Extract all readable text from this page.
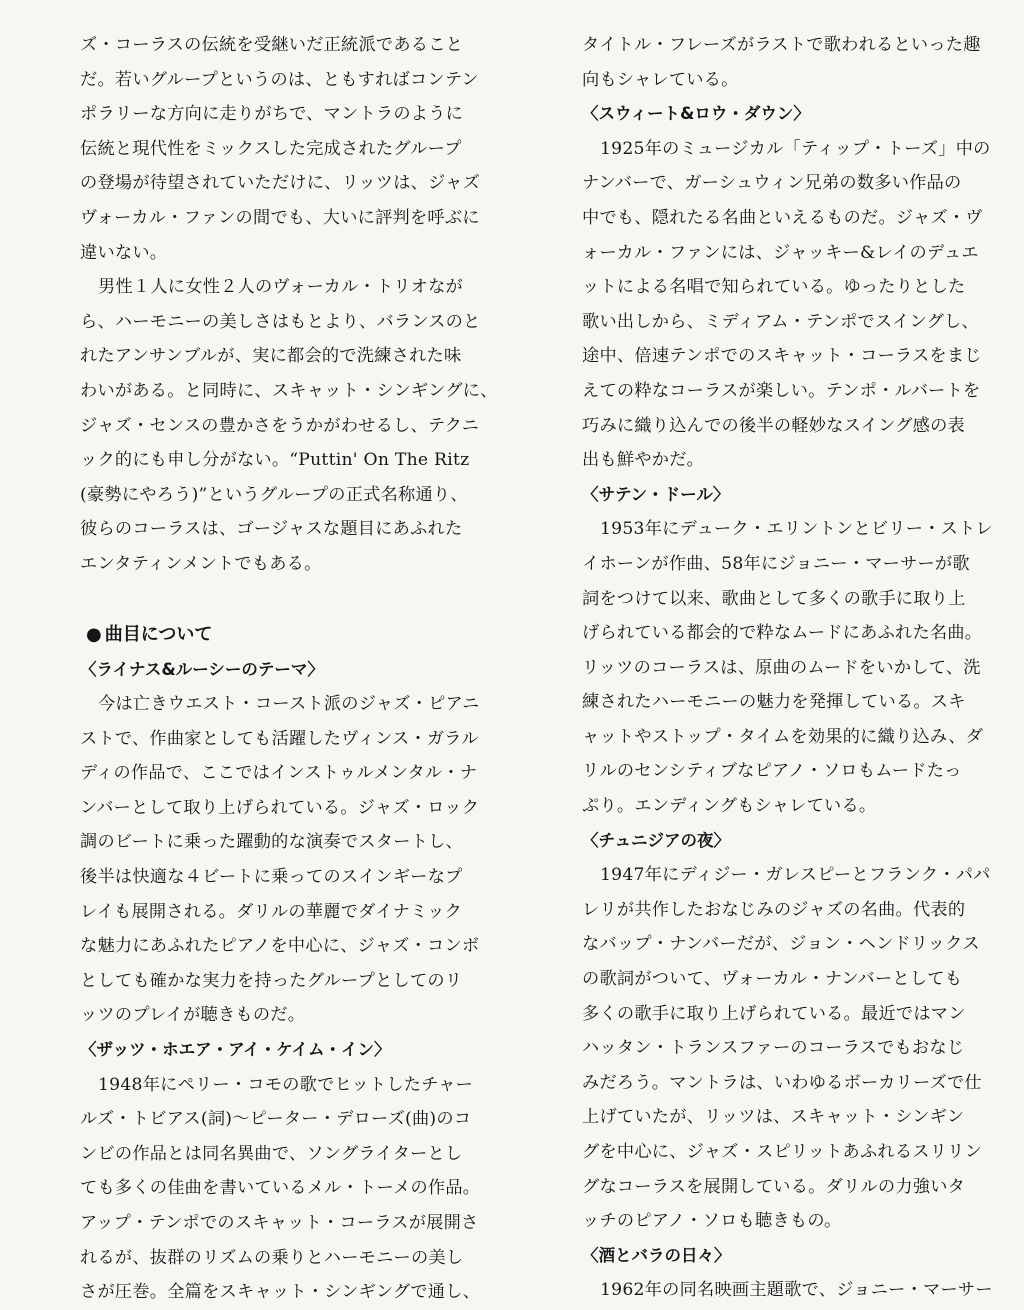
ズ・コーラスの伝統を受継いだ正統派であること
だ。若いグループというのは、ともすればコンテン
ポラリーな方向に走りがちで、マントラのように
伝統と現代性をミックスした完成されたグループ
の登場が待望されていただけに、リッツは、ジャズ
ヴォーカル・ファンの間でも、大いに評判を呼ぶに
違いない。
男性１人に女性２人のヴォーカル・トリオなが
ら、ハーモニーの美しさはもとより、バランスのと
れたアンサンブルが、実に都会的で洗練された味
わいがある。と同時に、スキャット・シンギングに、
ジャズ・センスの豊かさをうかがわせるし、テクニ
ック的にも申し分がない。“Puttin' On The Ritz
(豪勢にやろう)”というグループの正式名称通り、
彼らのコーラスは、ゴージャスな題目にあふれた
エンタティンメントでもある。
● 曲目について
〈ライナス&ルーシーのテーマ〉
今は亡きウエスト・コースト派のジャズ・ピアニ
ストで、作曲家としても活躍したヴィンス・ガラル
ディの作品で、ここではインストゥルメンタル・ナ
ンバーとして取り上げられている。ジャズ・ロック
調のビートに乗った躍動的な演奏でスタートし、
後半は快適な４ビートに乗ってのスインギーなプ
レイも展開される。ダリルの華麗でダイナミック
な魅力にあふれたピアノを中心に、ジャズ・コンボ
としても確かな実力を持ったグループとしてのリ
ッツのプレイが聴きものだ。
〈ザッツ・ホエア・アイ・ケイム・イン〉
1948年にペリー・コモの歌でヒットしたチャー
ルズ・トビアス(詞)〜ピーター・デローズ(曲)のコ
ンビの作品とは同名異曲で、ソングライターとし
ても多くの佳曲を書いているメル・トーメの作品。
アップ・テンポでのスキャット・コーラスが展開さ
れるが、抜群のリズムの乗りとハーモニーの美し
さが圧巻。全篇をスキャット・シンギングで通し、
タイトル・フレーズがラストで歌われるといった趣
向もシャレている。
〈スウィート&ロウ・ダウン〉
1925年のミュージカル「ティップ・トーズ」中の
ナンバーで、ガーシュウィン兄弟の数多い作品の
中でも、隠れたる名曲といえるものだ。ジャズ・ヴ
ォーカル・ファンには、ジャッキー&レイのデュエ
ットによる名唱で知られている。ゆったりとした
歌い出しから、ミディアム・テンポでスイングし、
途中、倍速テンポでのスキャット・コーラスをまじ
えての粋なコーラスが楽しい。テンポ・ルバートを
巧みに織り込んでの後半の軽妙なスイング感の表
出も鮮やかだ。
〈サテン・ドール〉
1953年にデューク・エリントンとビリー・ストレ
イホーンが作曲、58年にジョニー・マーサーが歌
詞をつけて以来、歌曲として多くの歌手に取り上
げられている都会的で粋なムードにあふれた名曲。
リッツのコーラスは、原曲のムードをいかして、洗
練されたハーモニーの魅力を発揮している。スキ
ャットやストップ・タイムを効果的に織り込み、ダ
リルのセンシティブなピアノ・ソロもムードたっ
ぷり。エンディングもシャレている。
〈チュニジアの夜〉
1947年にディジー・ガレスピーとフランク・パパ
レリが共作したおなじみのジャズの名曲。代表的
なバップ・ナンバーだが、ジョン・ヘンドリックス
の歌詞がついて、ヴォーカル・ナンバーとしても
多くの歌手に取り上げられている。最近ではマン
ハッタン・トランスファーのコーラスでもおなじ
みだろう。マントラは、いわゆるボーカリーズで仕
上げていたが、リッツは、スキャット・シンギン
グを中心に、ジャズ・スピリットあふれるスリリン
グなコーラスを展開している。ダリルの力強いタ
ッチのピアノ・ソロも聴きもの。
〈酒とバラの日々〉
1962年の同名映画主題歌で、ジョニー・マーサー
